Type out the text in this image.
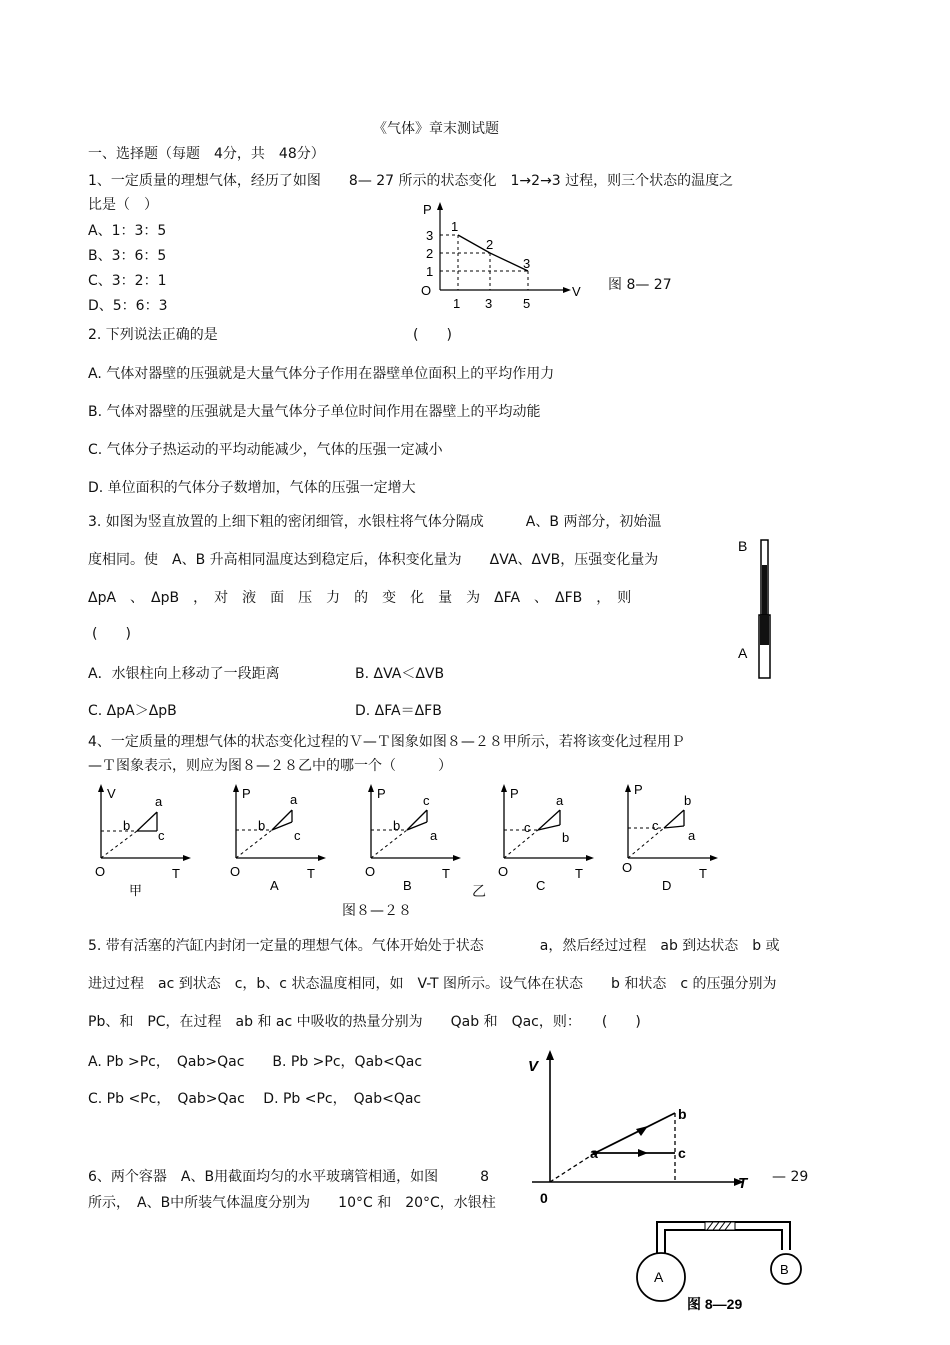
《气体》章末测试题
一、选择题（每题　4分，共　48分）
1、一定质量的理想气体，经历了如图　　8— 27 所示的状态变化　1→2→3 过程，则三个状态的温度之
比是（　）
A、1：3：5
B、3：6：5
C、3：2：1
D、5：6：3
P
V
O
3
2
1
1 3 5
1
2
3
图 8— 27
2. 下列说法正确的是	(　　)
A. 气体对器壁的压强就是大量气体分子作用在器壁单位面积上的平均作用力
B. 气体对器壁的压强就是大量气体分子单位时间作用在器壁上的平均动能
C. 气体分子热运动的平均动能减少，气体的压强一定减小
D. 单位面积的气体分子数增加，气体的压强一定增大
3. 如图为竖直放置的上细下粗的密闭细管，水银柱将气体分隔成　　　A、B 两部分，初始温
度相同。使　A、B 升高相同温度达到稳定后，体积变化量为　　ΔVA、ΔVB，压强变化量为
ΔpA　、　ΔpB　，　对　液　面　压　力　的　变　化　量　为　ΔFA　、　ΔFB　，　则
(　　)
A．水银柱向上移动了一段距离	B. ΔVA＜ΔVB
C. ΔpA＞ΔpB	D. ΔFA＝ΔFB
B
A
4、一定质量的理想气体的状态变化过程的Ｖ—Ｔ图象如图８—２８甲所示，若将该变化过程用Ｐ
—Ｔ图象表示，则应为图８—２８乙中的哪一个（　　　）
V
T
O
a
b
c
甲
P
T
O
a
b
c
A
P
T
O
c
b
a
B	乙
P
T
O
a
c
b
C
P
T
O
b
c
a
D
图８—２８
5. 带有活塞的汽缸内封闭一定量的理想气体。气体开始处于状态　　　　a，然后经过过程　ab 到达状态　b 或
进过过程　ac 到状态　c，b、c 状态温度相同，如　V-T 图所示。设气体在状态　　b 和状态　c 的压强分别为
Pb、和　PC，在过程　ab 和 ac 中吸收的热量分别为　　Qab 和　Qac，则：　　(　　)
A. Pb >Pc，　Qab>Qac　　B. Pb >Pc，Qab<Qac
C. Pb <Pc，　Qab>Qac　 D. Pb <Pc，　Qab<Qac
V
T
0
a
b
c
6、两个容器　A、B用截面均匀的水平玻璃管相通，如图　　　8	— 29
所示，　A、B中所装气体温度分别为　　10°C 和　20°C，水银柱
A	B
图 8—29
